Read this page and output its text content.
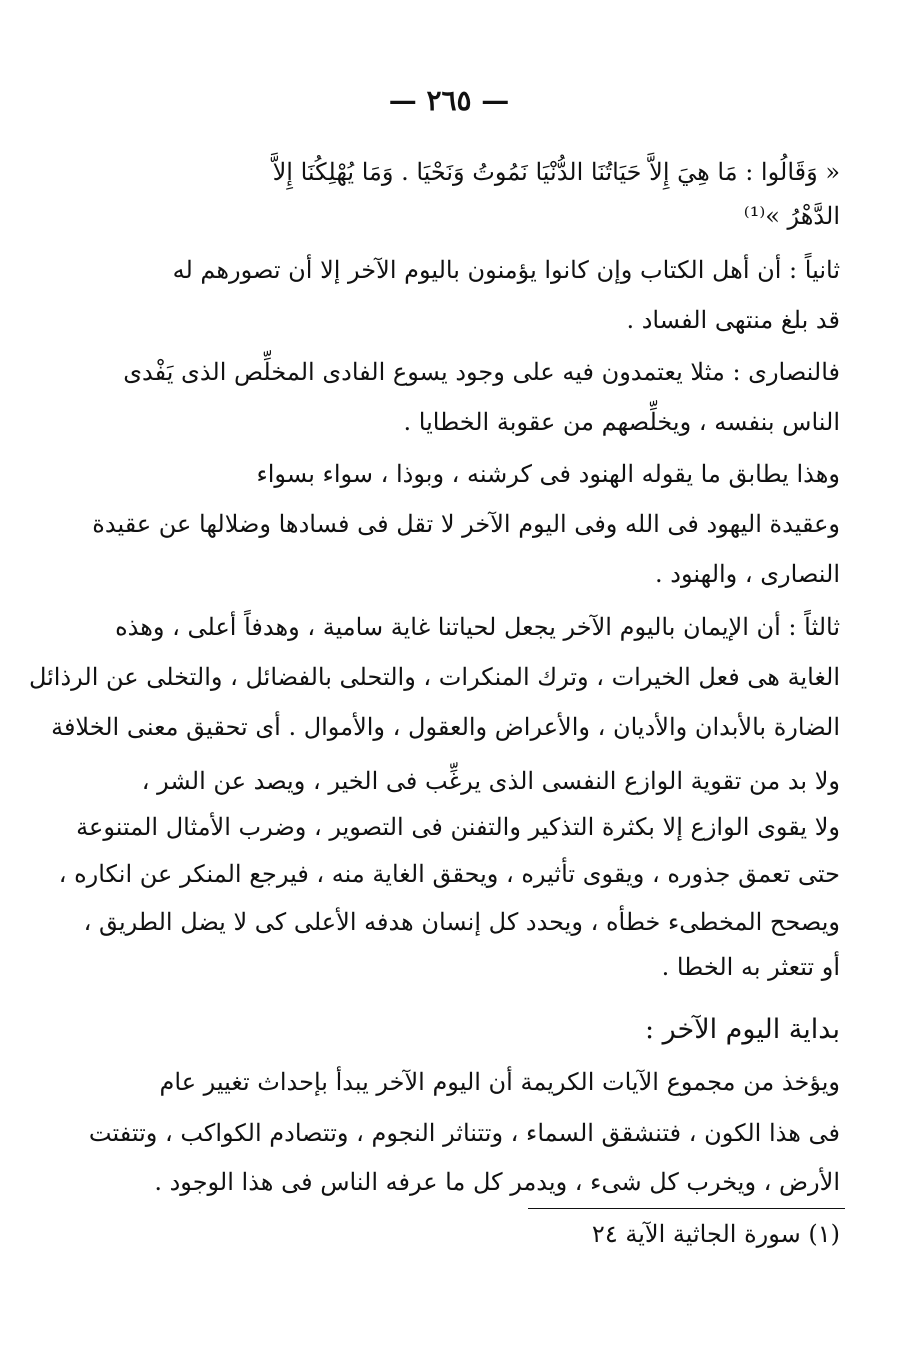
— ٢٦٥ —
« وَقَالُوا : مَا هِيَ إِلاَّ حَيَاتُنَا الدُّنْيَا نَمُوتُ وَنَحْيَا . وَمَا يُهْلِكُنَا إِلاَّ
الدَّهْرُ »⁽¹⁾
ثانياً : أن أهل الكتاب وإن كانوا يؤمنون باليوم الآخر إلا أن تصورهم له
قد بلغ منتهى الفساد .
فالنصارى : مثلا يعتمدون فيه على وجود يسوع الفادى المخلِّص الذى يَفْدى
الناس بنفسه ، ويخلِّصهم من عقوبة الخطايا .
وهذا يطابق ما يقوله الهنود فى كرشنه ، وبوذا ، سواء بسواء
وعقيدة اليهود فى الله وفى اليوم الآخر لا تقل فى فسادها وضلالها عن عقيدة
النصارى ، والهنود .
ثالثاً : أن الإيمان باليوم الآخر يجعل لحياتنا غاية سامية ، وهدفاً أعلى ، وهذه
الغاية هى فعل الخيرات ، وترك المنكرات ، والتحلى بالفضائل ، والتخلى عن الرذائل
الضارة بالأبدان والأديان ، والأعراض والعقول ، والأموال . أى تحقيق معنى الخلافة
ولا بد من تقوية الوازع النفسى الذى يرغِّب فى الخير ، ويصد عن الشر ،
ولا يقوى الوازع إلا بكثرة التذكير والتفنن فى التصوير ، وضرب الأمثال المتنوعة
حتى تعمق جذوره ، ويقوى تأثيره ، ويحقق الغاية منه ، فيرجع المنكر عن انكاره ،
ويصحح المخطىء خطأه ، ويحدد كل إنسان هدفه الأعلى كى لا يضل الطريق ،
أو تتعثر به الخطا .
بداية اليوم الآخر :
ويؤخذ من مجموع الآيات الكريمة أن اليوم الآخر يبدأ بإحداث تغيير عام
فى هذا الكون ، فتنشقق السماء ، وتتناثر النجوم ، وتتصادم الكواكب ، وتتفتت
الأرض ، ويخرب كل شىء ، ويدمر كل ما عرفه الناس فى هذا الوجود .
(١) سورة الجاثية الآية ٢٤
